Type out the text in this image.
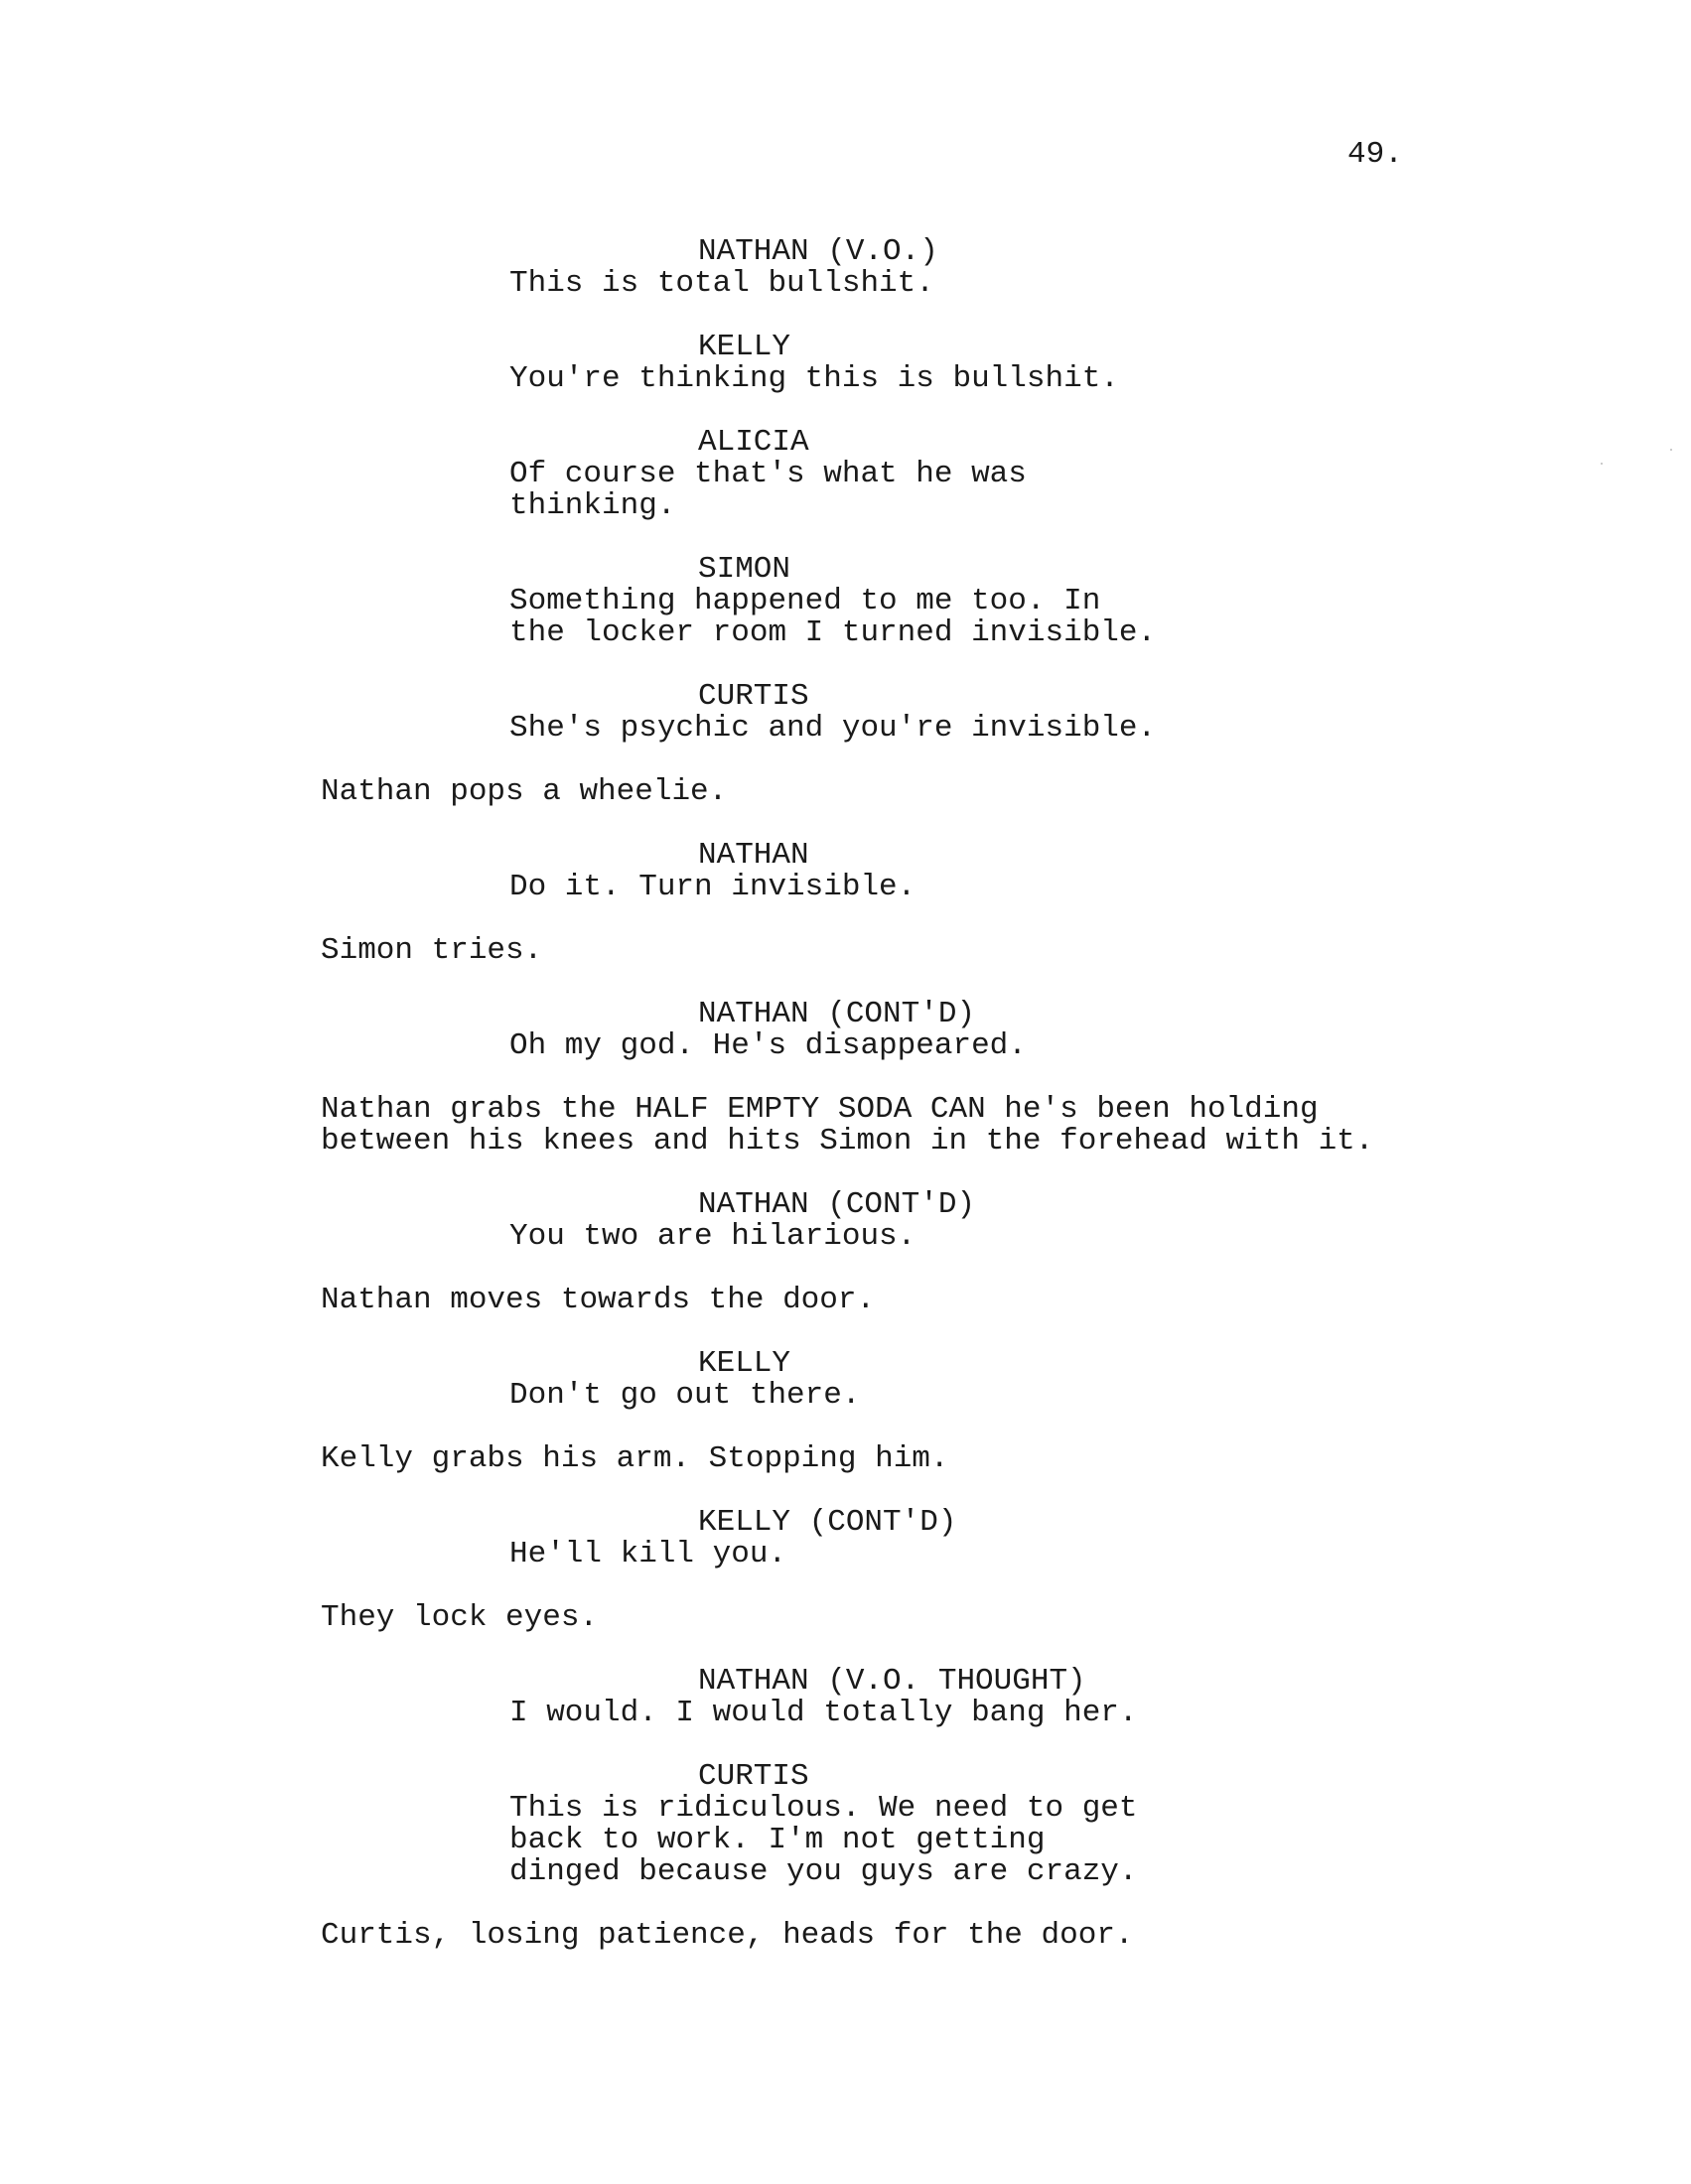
49.
NATHAN (V.O.)
This is total bullshit.
KELLY
You're thinking this is bullshit.
ALICIA
Of course that's what he was
thinking.
SIMON
Something happened to me too. In
the locker room I turned invisible.
CURTIS
She's psychic and you're invisible.
Nathan pops a wheelie.
NATHAN
Do it. Turn invisible.
Simon tries.
NATHAN (CONT'D)
Oh my god. He's disappeared.
Nathan grabs the HALF EMPTY SODA CAN he's been holding
between his knees and hits Simon in the forehead with it.
NATHAN (CONT'D)
You two are hilarious.
Nathan moves towards the door.
KELLY
Don't go out there.
Kelly grabs his arm. Stopping him.
KELLY (CONT'D)
He'll kill you.
They lock eyes.
NATHAN (V.O. THOUGHT)
I would. I would totally bang her.
CURTIS
This is ridiculous. We need to get
back to work. I'm not getting
dinged because you guys are crazy.
Curtis, losing patience, heads for the door.
